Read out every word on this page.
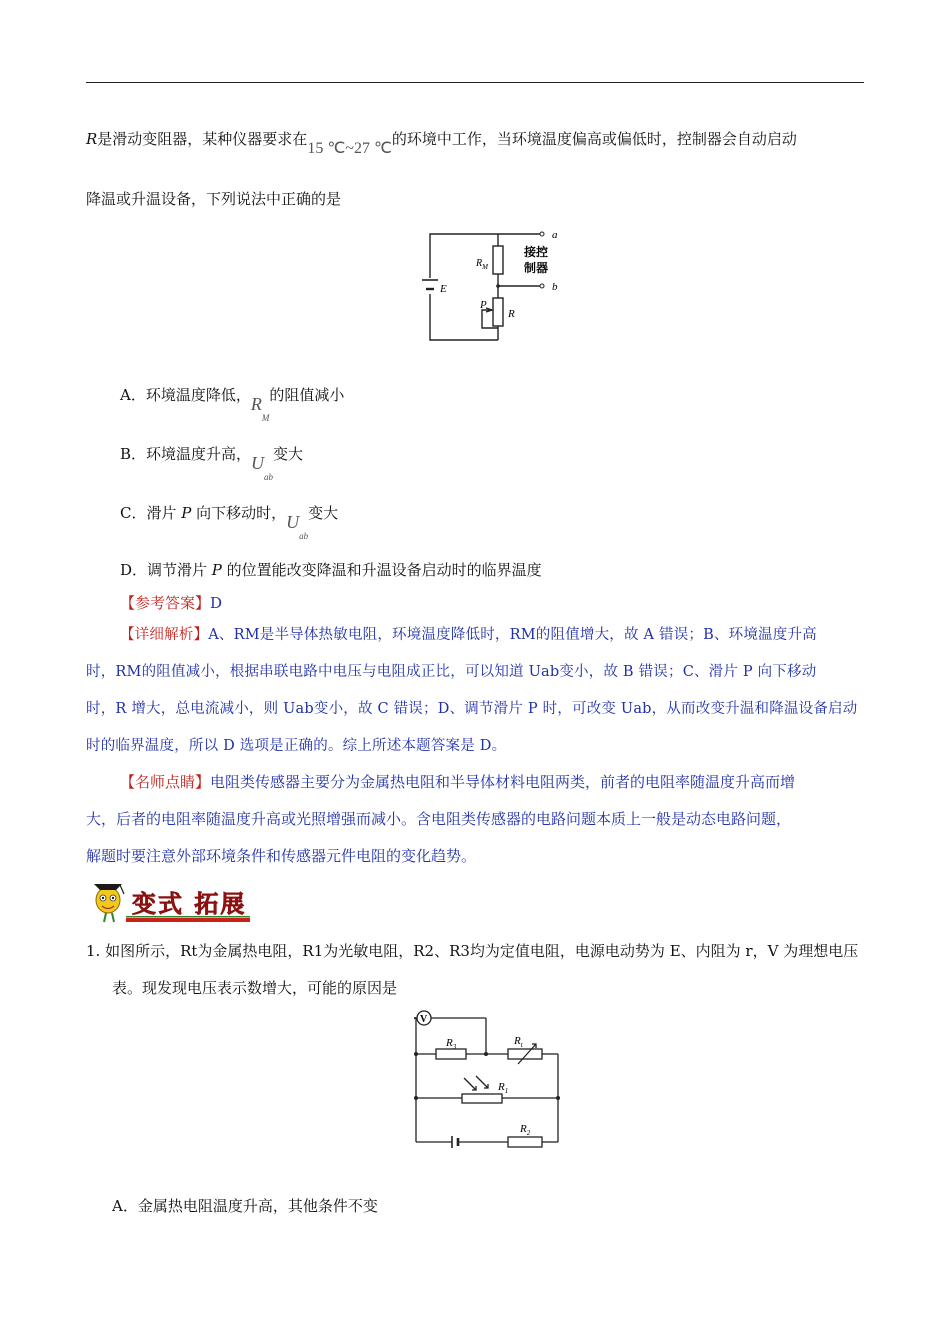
R是滑动变阻器，某种仪器要求在15 ℃~27 ℃的环境中工作，当环境温度偏高或偏低时，控制器会自动启动
降温或升温设备，下列说法中正确的是
a
b
E
$R_M$
P
R
接控
制器
A．环境温度降低，$R_M$的阻值减小
B．环境温度升高，$U_{ab}$变大
C．滑片 P 向下移动时，$U_{ab}$变大
D．调节滑片 P 的位置能改变降温和升温设备启动时的临界温度
【参考答案】D
【详细解析】A、RM是半导体热敏电阻，环境温度降低时，RM的阻值增大，故 A 错误；B、环境温度升高
时，RM的阻值减小，根据串联电路中电压与电阻成正比，可以知道 Uab变小，故 B 错误；C、滑片 P 向下移动
时，R 增大，总电流减小，则 Uab变小，故 C 错误；D、调节滑片 P 时，可改变 Uab，从而改变升温和降温设备启动
时的临界温度，所以 D 选项是正确的。综上所述本题答案是 D。
【名师点睛】电阻类传感器主要分为金属热电阻和半导体材料电阻两类，前者的电阻率随温度升高而增
大，后者的电阻率随温度升高或光照增强而减小。含电阻类传感器的电路问题本质上一般是动态电路问题，
解题时要注意外部环境条件和传感器元件电阻的变化趋势。
变式 拓展
1. 如图所示，Rt为金属热电阻，R1为光敏电阻，R2、R3均为定值电阻，电源电动势为 E、内阻为 r，V 为理想电压
表。现发现电压表示数增大，可能的原因是
V
$R_3$	$R_t$
$R_1$
$R_2$
A．金属热电阻温度升高，其他条件不变
